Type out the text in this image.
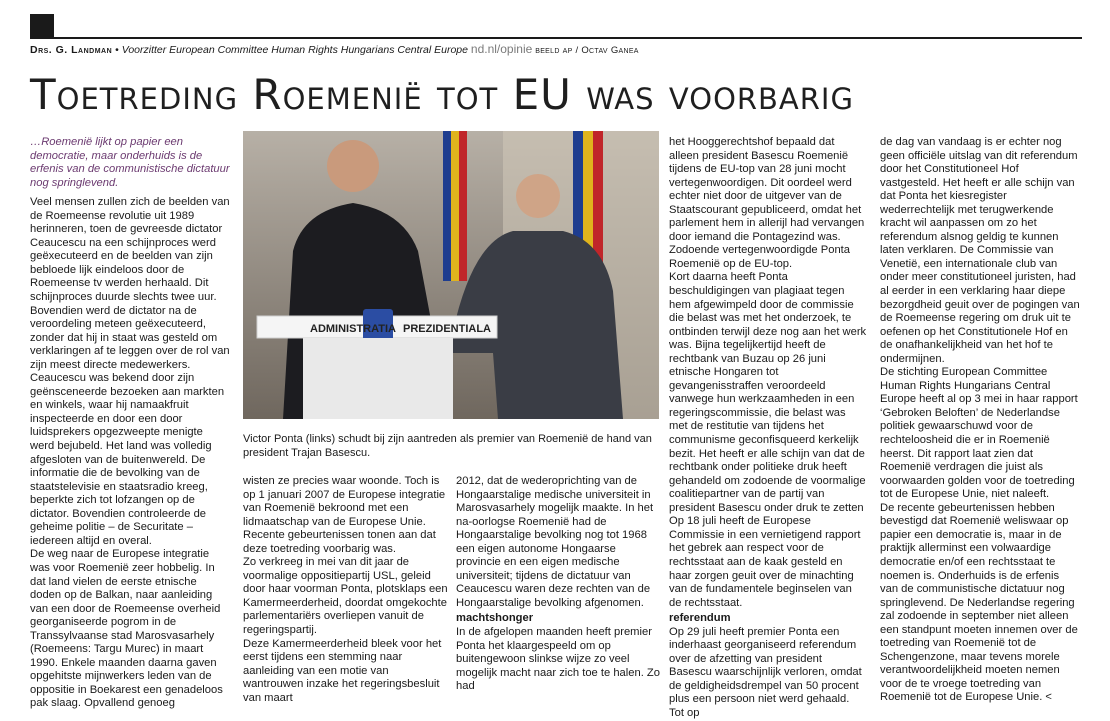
Drs. G. Landman • Voorzitter European Committee Human Rights Hungarians Central Europe nd.nl/opinie beeld ap / Octav Ganea
Toetreding Roemenië tot EU was voorbarig

…Roemenië lijkt op papier een democratie, maar onderhuids is de erfenis van de communistische dictatuur nog springlevend.

Veel mensen zullen zich de beelden van de Roemeense revolutie uit 1989 herinneren, toen de gevreesde dictator Ceaucescu na een schijnproces werd geëxecuteerd en de beelden van zijn bebloede lijk eindeloos door de Roemeense tv werden herhaald. Dit schijnproces duurde slechts twee uur. Bovendien werd de dictator na de veroordeling meteen geëxecuteerd, zonder dat hij in staat was gesteld om verklaringen af te leggen over de rol van zijn meest directe medewerkers.

Ceaucescu was bekend door zijn geënsceneerde bezoeken aan markten en winkels, waar hij namaakfruit inspecteerde en door een door luidsprekers opgezweepte menigte werd bejubeld. Het land was volledig afgesloten van de buitenwereld. De informatie die de bevolking van de staatstelevisie en staatsradio kreeg, beperkte zich tot lofzangen op de dictator. Bovendien controleerde de geheime politie – de Securitate – iedereen altijd en overal.

De weg naar de Europese integratie was voor Roemenië zeer hobbelig. In dat land vielen de eerste etnische doden op de Balkan, naar aanleiding van een door de Roemeense overheid georganiseerde pogrom in de Transsylvaanse stad Marosvasarhely (Roemeens: Targu Murec) in maart 1990. Enkele maanden daarna gaven opgehitste mijnwerkers leden van de oppositie in Boekarest een genadeloos pak slaag. Opvallend genoeg

ADMINISTRATIA PREZIDENTIALA
Victor Ponta (links) schudt bij zijn aantreden als premier van Roemenië de hand van president Trajan Basescu.

wisten ze precies waar woonde. Toch is op 1 januari 2007 de Europese integratie van Roemenië bekroond met een lidmaatschap van de Europese Unie. Recente gebeurtenissen tonen aan dat deze toetreding voorbarig was.

Zo verkreeg in mei van dit jaar de voormalige oppositiepartij USL, geleid door haar voorman Ponta, plotsklaps een Kamermeerderheid, doordat omgekochte parlementariërs overliepen vanuit de regeringspartij.

Deze Kamermeerderheid bleek voor het eerst tijdens een stemming naar aanleiding van een motie van wantrouwen inzake het regeringsbesluit van maart

2012, dat de wederoprichting van de Hongaarstalige medische universiteit in Marosvasarhely mogelijk maakte. In het na-oorlogse Roemenië had de Hongaarstalige bevolking nog tot 1968 een eigen autonome Hongaarse provincie en een eigen medische universiteit; tijdens de dictatuur van Ceaucescu waren deze rechten van de Hongaarstalige bevolking afgenomen.

machtshonger

In de afgelopen maanden heeft premier Ponta het klaargespeeld om op buitengewoon slinkse wijze zo veel mogelijk macht naar zich toe te halen. Zo had

het Hooggerechtshof bepaald dat alleen president Basescu Roemenië tijdens de EU-top van 28 juni mocht vertegenwoordigen. Dit oordeel werd echter niet door de uitgever van de Staatscourant gepubliceerd, omdat het parlement hem in allerijl had vervangen door iemand die Pontagezind was. Zodoende vertegenwoordigde Ponta Roemenië op de EU-top.

Kort daarna heeft Ponta beschuldigingen van plagiaat tegen hem afgewimpeld door de commissie die belast was met het onderzoek, te ontbinden terwijl deze nog aan het werk was. Bijna tegelijkertijd heeft de rechtbank van Buzau op 26 juni etnische Hongaren tot gevangenisstraffen veroordeeld vanwege hun werkzaamheden in een regeringscommissie, die belast was met de restitutie van tijdens het communisme geconfisqueerd kerkelijk bezit. Het heeft er alle schijn van dat de rechtbank onder politieke druk heeft gehandeld om zodoende de voormalige coalitiepartner van de partij van president Basescu onder druk te zetten

Op 18 juli heeft de Europese Commissie in een vernietigend rapport het gebrek aan respect voor de rechtsstaat aan de kaak gesteld en haar zorgen geuit over de minachting van de fundamentele beginselen van de rechtsstaat.

referendum

Op 29 juli heeft premier Ponta een inderhaast georganiseerd referendum over de afzetting van president Basescu waarschijnlijk verloren, omdat de geldigheidsdrempel van 50 procent plus een persoon niet werd gehaald. Tot op

de dag van vandaag is er echter nog geen officiële uitslag van dit referendum door het Constitutioneel Hof vastgesteld. Het heeft er alle schijn van dat Ponta het kiesregister wederrechtelijk met terugwerkende kracht wil aanpassen om zo het referendum alsnog geldig te kunnen laten verklaren. De Commissie van Venetië, een internationale club van onder meer constitutioneel juristen, had al eerder in een verklaring haar diepe bezorgdheid geuit over de pogingen van de Roemeense regering om druk uit te oefenen op het Constitutionele Hof en de onafhankelijkheid van het hof te ondermijnen.

De stichting European Committee Human Rights Hungarians Central Europe heeft al op 3 mei in haar rapport ‘Gebroken Beloften’ de Nederlandse politiek gewaarschuwd voor de rechteloosheid die er in Roemenië heerst. Dit rapport laat zien dat Roemenië verdragen die juist als voorwaarden golden voor de toetreding tot de Europese Unie, niet naleeft.

De recente gebeurtenissen hebben bevestigd dat Roemenië weliswaar op papier een democratie is, maar in de praktijk allerminst een volwaardige democratie en/of een rechtsstaat te noemen is. Onderhuids is de erfenis van de communistische dictatuur nog springlevend. De Nederlandse regering zal zodoende in september niet alleen een standpunt moeten innemen over de toetreding van Roemenië tot de Schengenzone, maar tevens morele verantwoordelijkheid moeten nemen voor de te vroege toetreding van Roemenië tot de Europese Unie. <
